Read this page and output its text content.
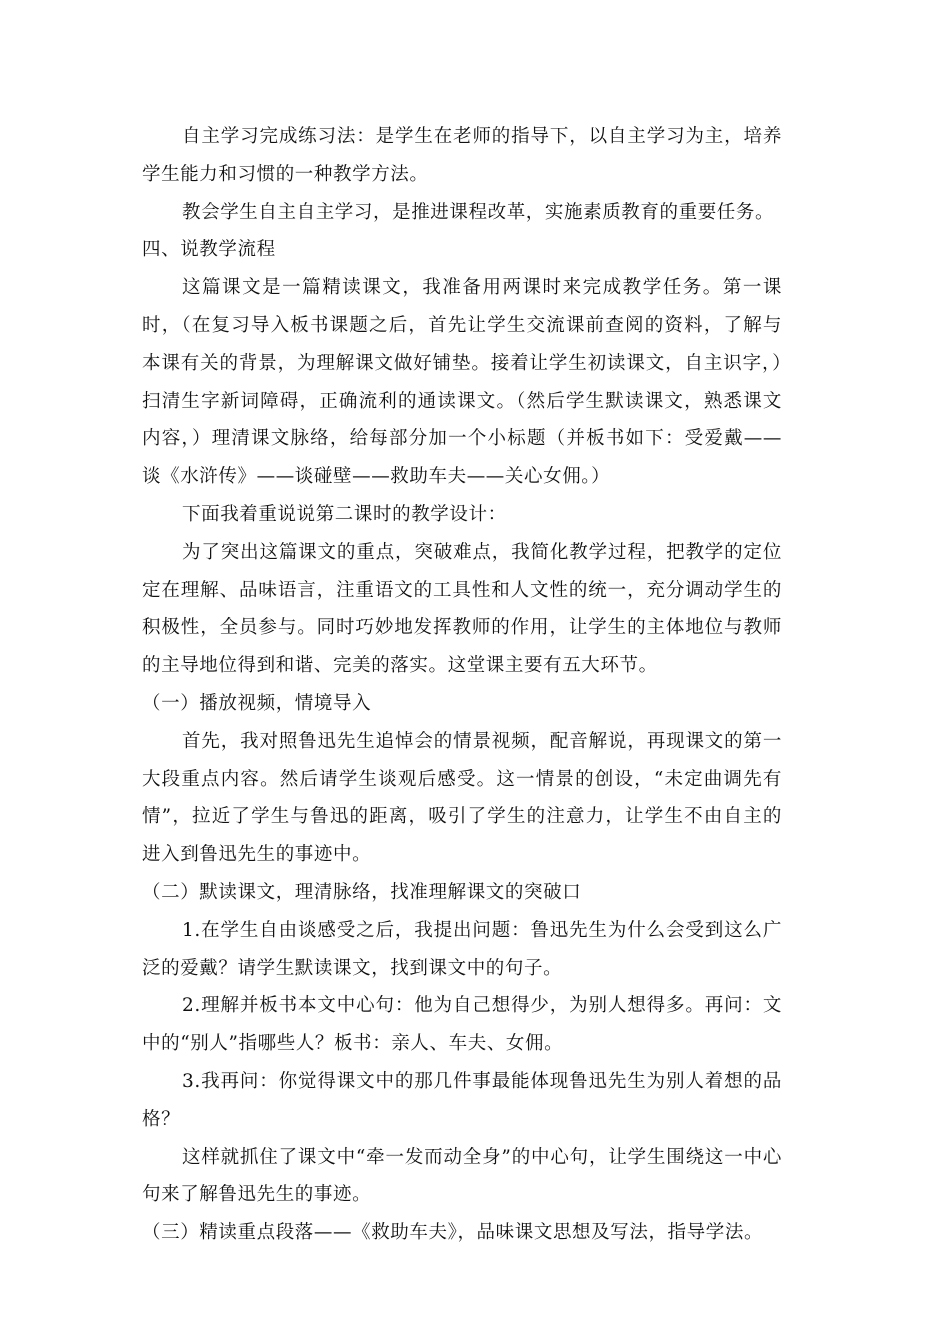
自主学习完成练习法：是学生在老师的指导下，以自主学习为主，培养学生能力和习惯的一种教学方法。

教会学生自主自主学习，是推进课程改革，实施素质教育的重要任务。

四、说教学流程

这篇课文是一篇精读课文，我准备用两课时来完成教学任务。第一课时，（在复习导入板书课题之后，首先让学生交流课前查阅的资料，了解与本课有关的背景，为理解课文做好铺垫。接着让学生初读课文，自主识字，）扫清生字新词障碍，正确流利的通读课文。（然后学生默读课文，熟悉课文内容，）理清课文脉络，给每部分加一个小标题（并板书如下：受爱戴——谈《水浒传》——谈碰壁——救助车夫——关心女佣。）

下面我着重说说第二课时的教学设计：

为了突出这篇课文的重点，突破难点，我简化教学过程，把教学的定位定在理解、品味语言，注重语文的工具性和人文性的统一，充分调动学生的积极性，全员参与。同时巧妙地发挥教师的作用，让学生的主体地位与教师的主导地位得到和谐、完美的落实。这堂课主要有五大环节。

（一）播放视频，情境导入

首先，我对照鲁迅先生追悼会的情景视频，配音解说，再现课文的第一大段重点内容。然后请学生谈观后感受。这一情景的创设，“未定曲调先有情”，拉近了学生与鲁迅的距离，吸引了学生的注意力，让学生不由自主的进入到鲁迅先生的事迹中。

（二）默读课文，理清脉络，找准理解课文的突破口

1.在学生自由谈感受之后，我提出问题：鲁迅先生为什么会受到这么广泛的爱戴？请学生默读课文，找到课文中的句子。

2.理解并板书本文中心句：他为自己想得少，为别人想得多。再问：文中的“别人”指哪些人？板书：亲人、车夫、女佣。

3.我再问：你觉得课文中的那几件事最能体现鲁迅先生为别人着想的品格？

这样就抓住了课文中“牵一发而动全身”的中心句，让学生围绕这一中心句来了解鲁迅先生的事迹。

（三）精读重点段落——《救助车夫》，品味课文思想及写法，指导学法。
